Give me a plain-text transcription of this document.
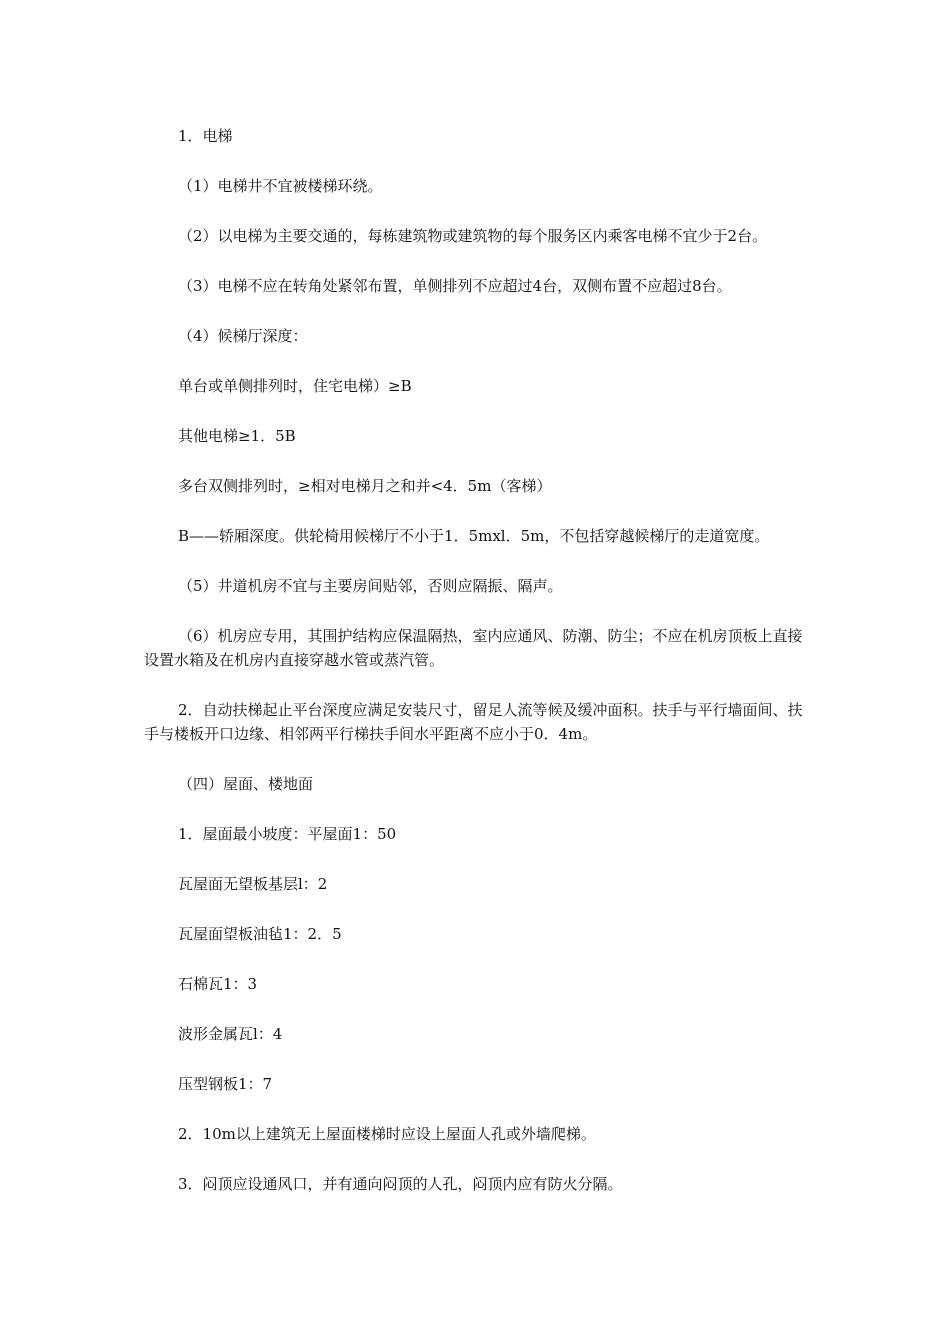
1．电梯

（1）电梯井不宜被楼梯环绕。

（2）以电梯为主要交通的，每栋建筑物或建筑物的每个服务区内乘客电梯不宜少于2台。

（3）电梯不应在转角处紧邻布置，单侧排列不应超过4台，双侧布置不应超过8台。

（4）候梯厅深度：

单台或单侧排列时，住宅电梯）≥B

其他电梯≥1．5B

多台双侧排列时，≥相对电梯月之和并<4．5m（客梯）

B——轿厢深度。供轮椅用候梯厅不小于1．5mxl．5m，不包括穿越候梯厅的走道宽度。

（5）井道机房不宜与主要房间贴邻，否则应隔振、隔声。

（6）机房应专用，其围护结构应保温隔热，室内应通风、防潮、防尘；不应在机房顶板上直接设置水箱及在机房内直接穿越水管或蒸汽管。

2．自动扶梯起止平台深度应满足安装尺寸，留足人流等候及缓冲面积。扶手与平行墙面间、扶手与楼板开口边缘、相邻两平行梯扶手间水平距离不应小于0．4m。

（四）屋面、楼地面

1．屋面最小坡度：平屋面1：50

瓦屋面无望板基层l：2

瓦屋面望板油毡1：2．5

石棉瓦1：3

波形金属瓦l：4

压型钢板1：7

2．10m以上建筑无上屋面楼梯时应设上屋面人孔或外墙爬梯。

3．闷顶应设通风口，并有通向闷顶的人孔，闷顶内应有防火分隔。
